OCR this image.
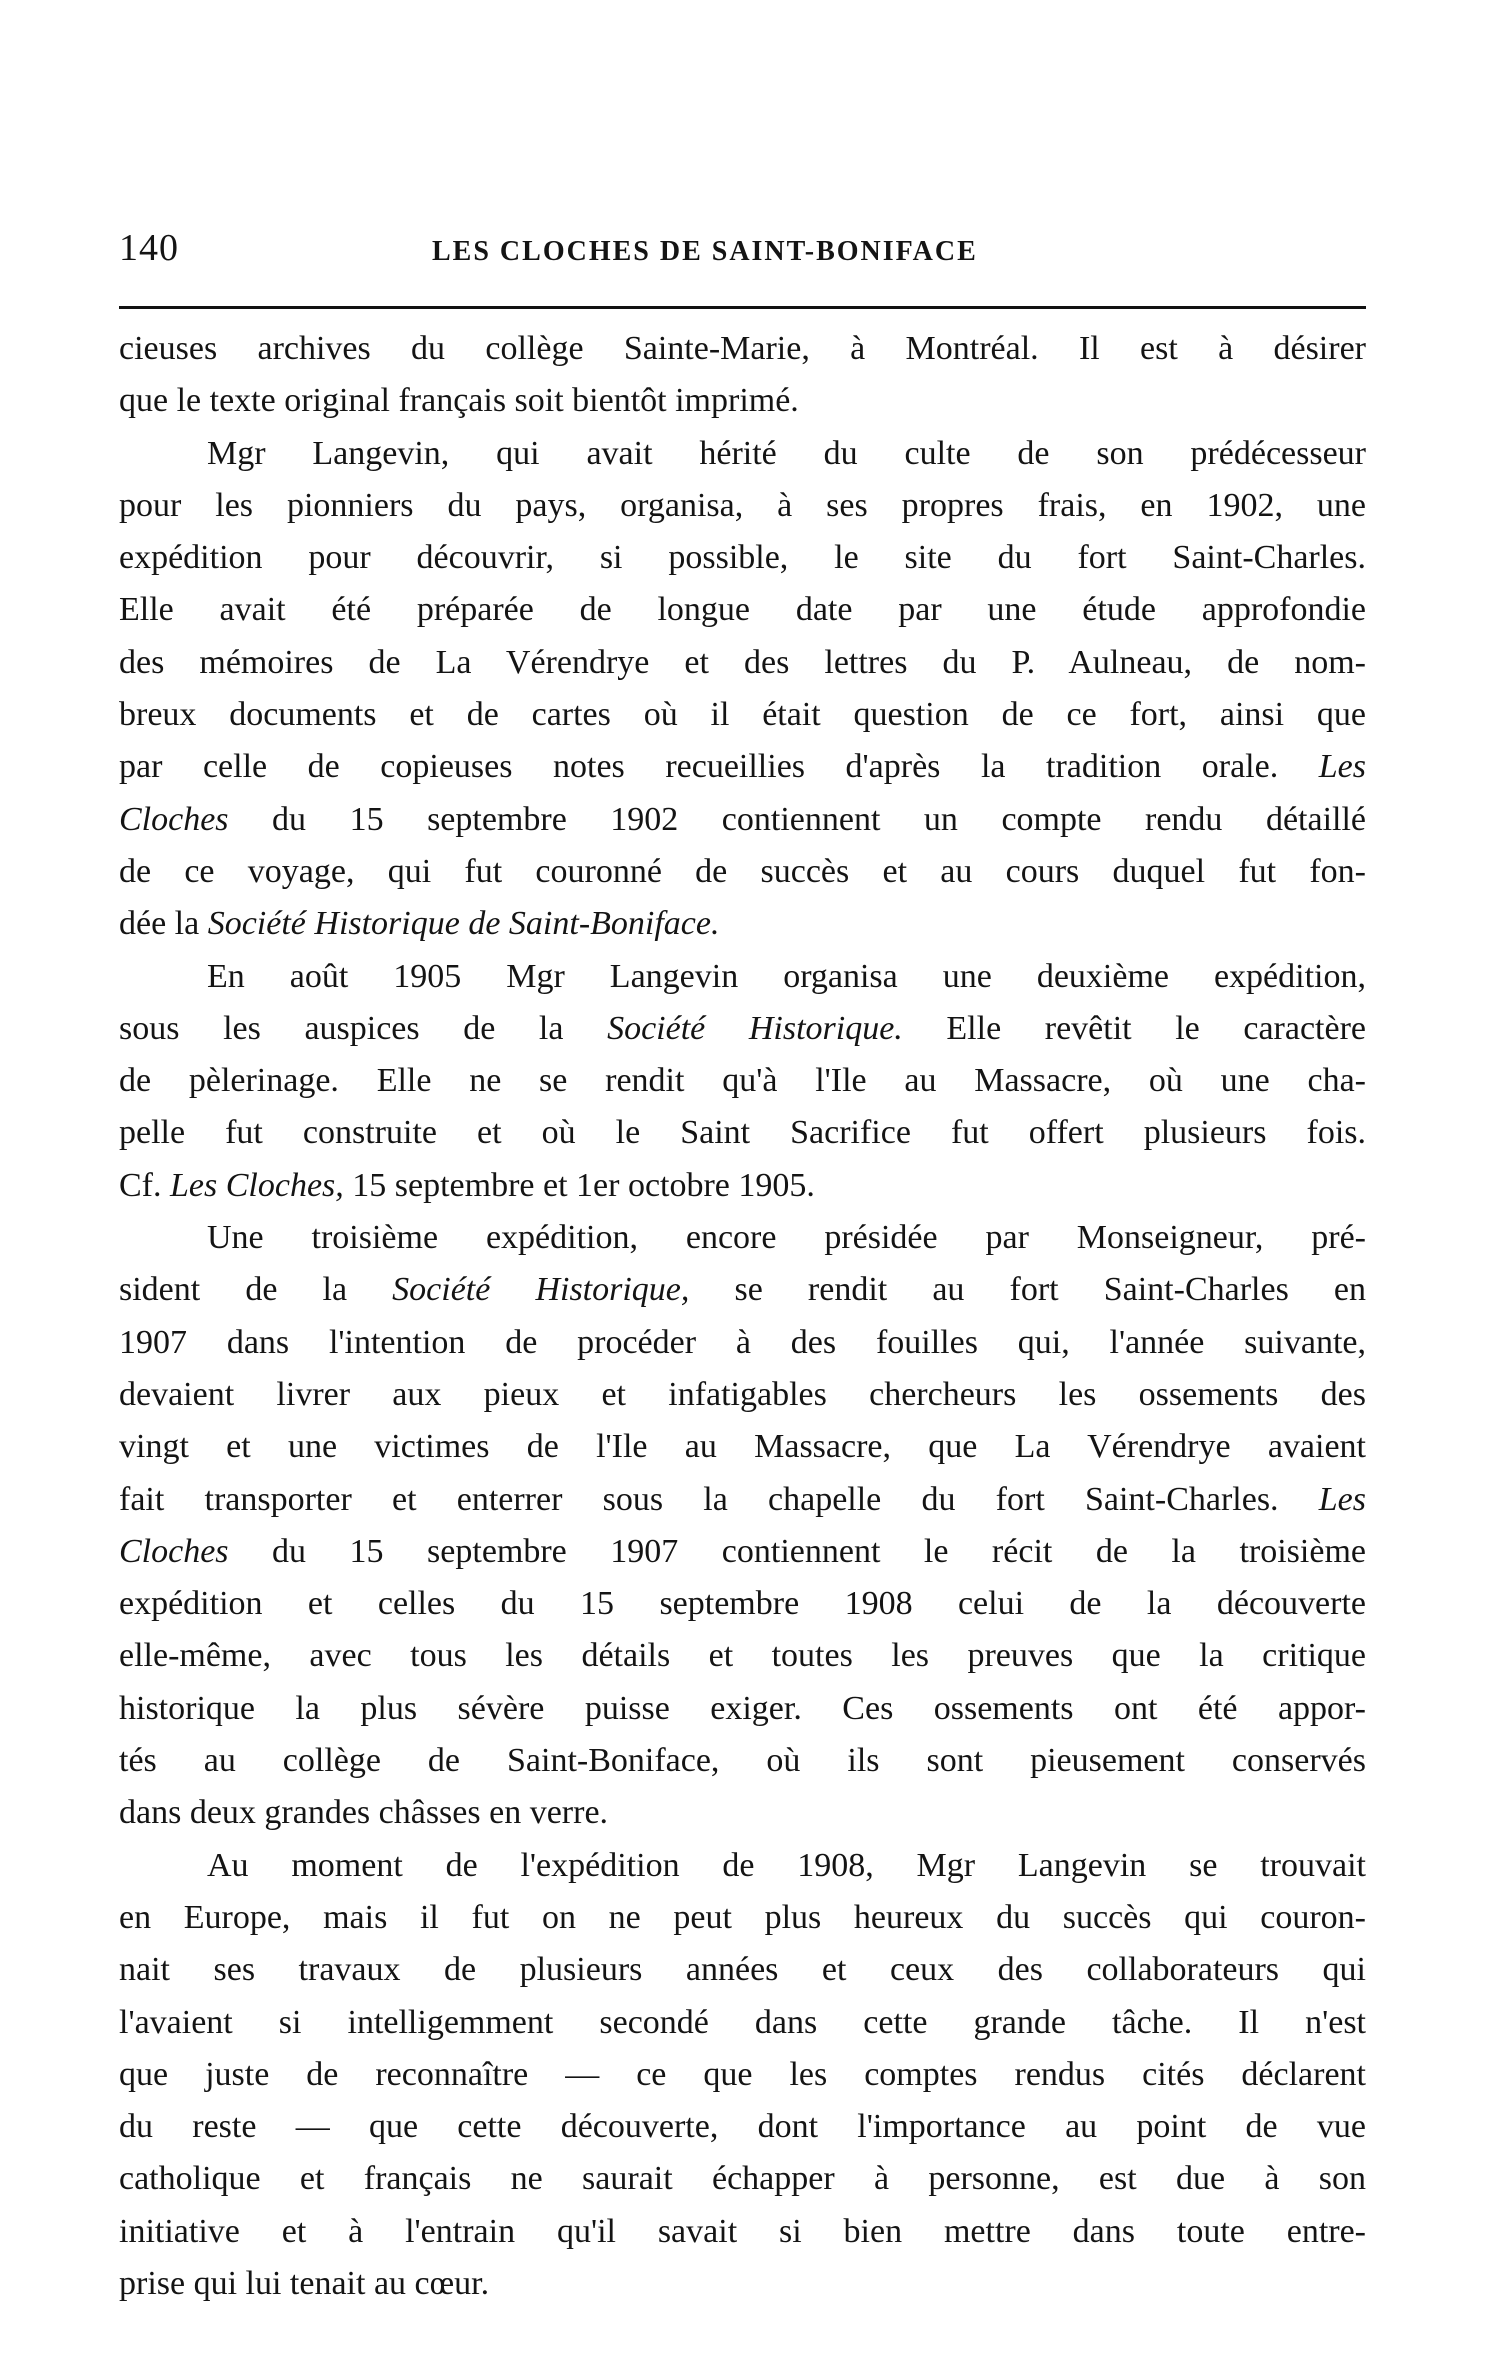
140	LES CLOCHES DE SAINT-BONIFACE
cieuses archives du collège Sainte-Marie, à Montréal. Il est à désirer
que le texte original français soit bientôt imprimé.
Mgr Langevin, qui avait hérité du culte de son prédécesseur
pour les pionniers du pays, organisa, à ses propres frais, en 1902, une
expédition pour découvrir, si possible, le site du fort Saint-Charles.
Elle avait été préparée de longue date par une étude approfondie
des mémoires de La Vérendrye et des lettres du P. Aulneau, de nom-
breux documents et de cartes où il était question de ce fort, ainsi que
par celle de copieuses notes recueillies d'après la tradition orale. Les
Cloches du 15 septembre 1902 contiennent un compte rendu détaillé
de ce voyage, qui fut couronné de succès et au cours duquel fut fon-
dée la Société Historique de Saint-Boniface.
En août 1905 Mgr Langevin organisa une deuxième expédition,
sous les auspices de la Société Historique. Elle revêtit le caractère
de pèlerinage. Elle ne se rendit qu'à l'Ile au Massacre, où une cha-
pelle fut construite et où le Saint Sacrifice fut offert plusieurs fois.
Cf. Les Cloches, 15 septembre et 1er octobre 1905.
Une troisième expédition, encore présidée par Monseigneur, pré-
sident de la Société Historique, se rendit au fort Saint-Charles en
1907 dans l'intention de procéder à des fouilles qui, l'année suivante,
devaient livrer aux pieux et infatigables chercheurs les ossements des
vingt et une victimes de l'Ile au Massacre, que La Vérendrye avaient
fait transporter et enterrer sous la chapelle du fort Saint-Charles. Les
Cloches du 15 septembre 1907 contiennent le récit de la troisième
expédition et celles du 15 septembre 1908 celui de la découverte
elle-même, avec tous les détails et toutes les preuves que la critique
historique la plus sévère puisse exiger. Ces ossements ont été appor-
tés au collège de Saint-Boniface, où ils sont pieusement conservés
dans deux grandes châsses en verre.
Au moment de l'expédition de 1908, Mgr Langevin se trouvait
en Europe, mais il fut on ne peut plus heureux du succès qui couron-
nait ses travaux de plusieurs années et ceux des collaborateurs qui
l'avaient si intelligemment secondé dans cette grande tâche. Il n'est
que juste de reconnaître — ce que les comptes rendus cités déclarent
du reste — que cette découverte, dont l'importance au point de vue
catholique et français ne saurait échapper à personne, est due à son
initiative et à l'entrain qu'il savait si bien mettre dans toute entre-
prise qui lui tenait au cœur.
